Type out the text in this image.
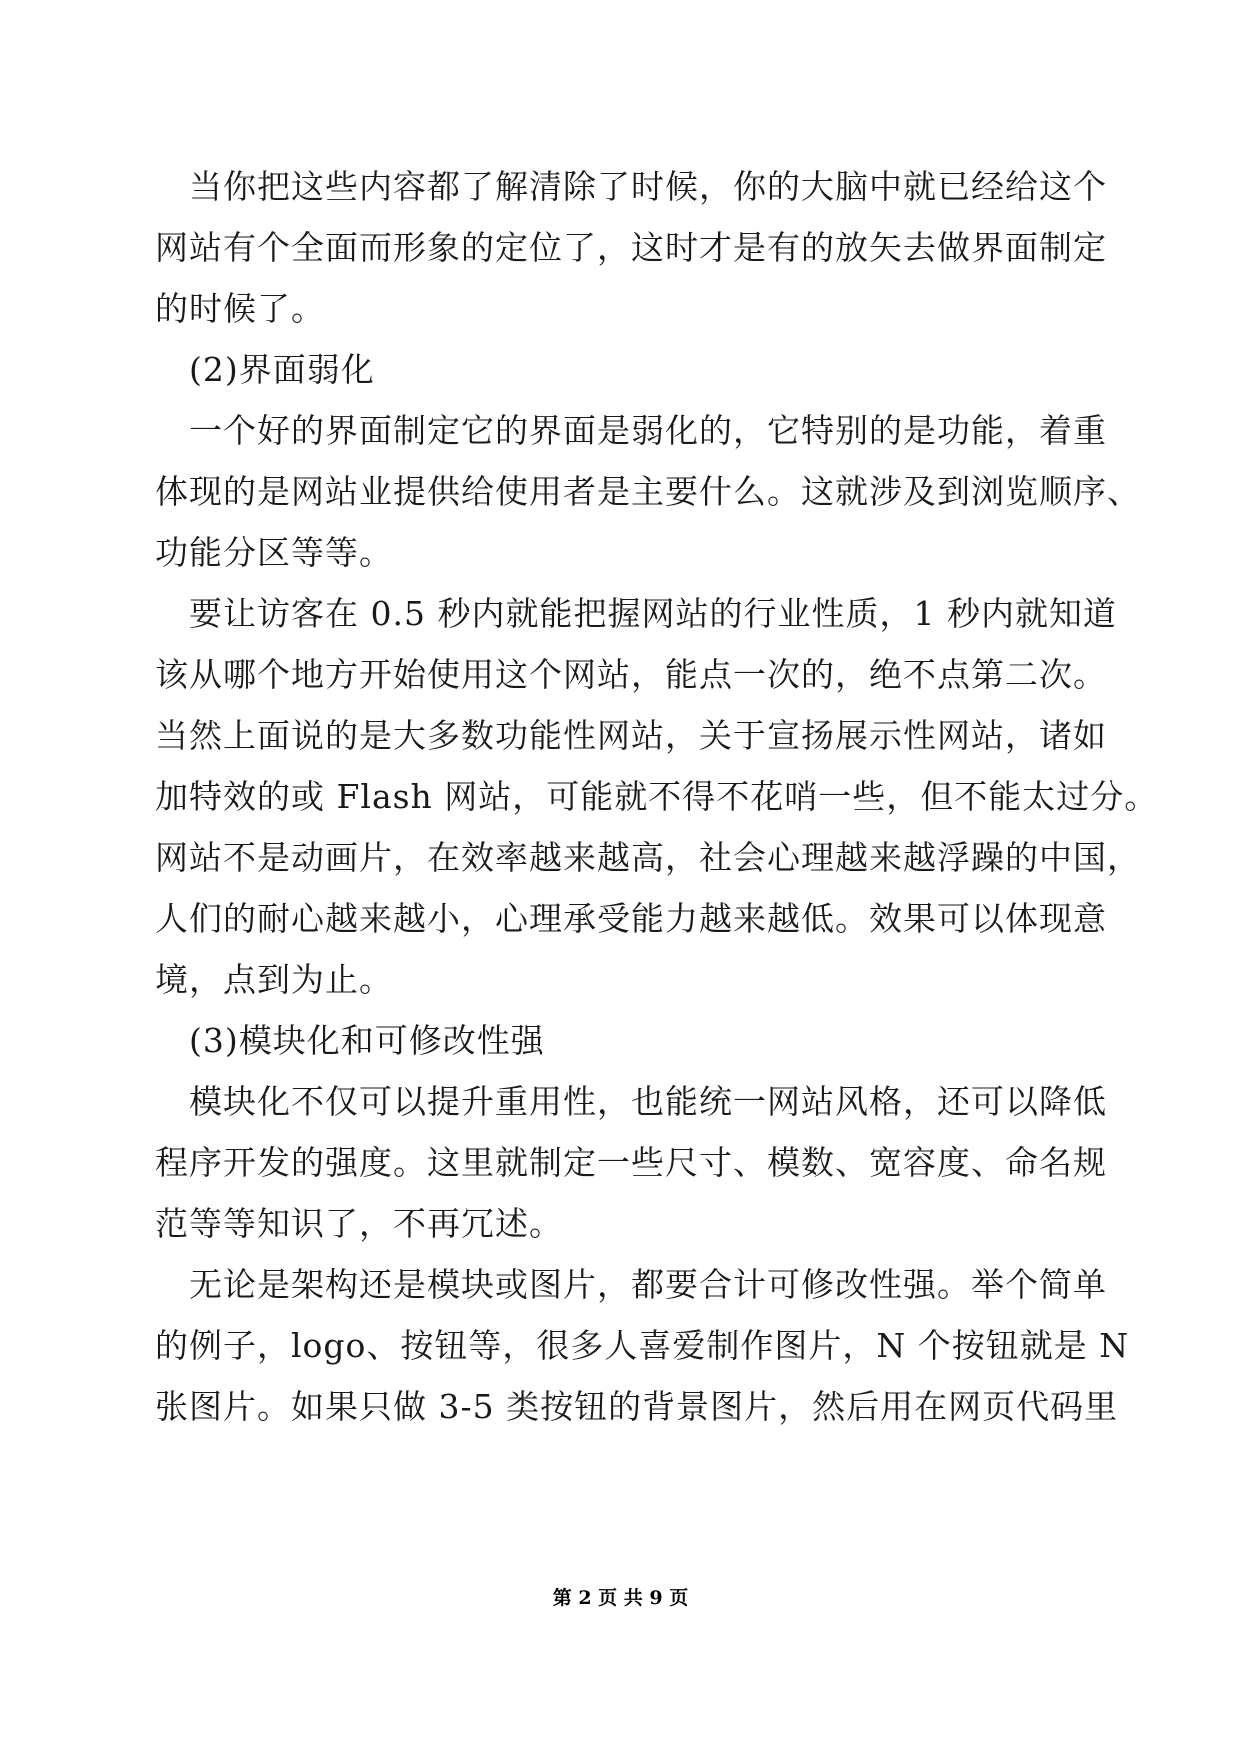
　当你把这些内容都了解清除了时候，你的大脑中就已经给这个
网站有个全面而形象的定位了，这时才是有的放矢去做界面制定
的时候了。
　(2)界面弱化
　一个好的界面制定它的界面是弱化的，它特别的是功能，着重
体现的是网站业提供给使用者是主要什么。这就涉及到浏览顺序、
功能分区等等。
　要让访客在 0.5 秒内就能把握网站的行业性质，1 秒内就知道
该从哪个地方开始使用这个网站，能点一次的，绝不点第二次。
当然上面说的是大多数功能性网站，关于宣扬展示性网站，诸如
加特效的或 Flash 网站，可能就不得不花哨一些，但不能太过分。
网站不是动画片，在效率越来越高，社会心理越来越浮躁的中国，
人们的耐心越来越小，心理承受能力越来越低。效果可以体现意
境，点到为止。
　(3)模块化和可修改性强
　模块化不仅可以提升重用性，也能统一网站风格，还可以降低
程序开发的强度。这里就制定一些尺寸、模数、宽容度、命名规
范等等知识了，不再冗述。
　无论是架构还是模块或图片，都要合计可修改性强。举个简单
的例子，logo、按钮等，很多人喜爱制作图片，N 个按钮就是 N
张图片。如果只做 3-5 类按钮的背景图片，然后用在网页代码里
第 2 页 共 9 页
